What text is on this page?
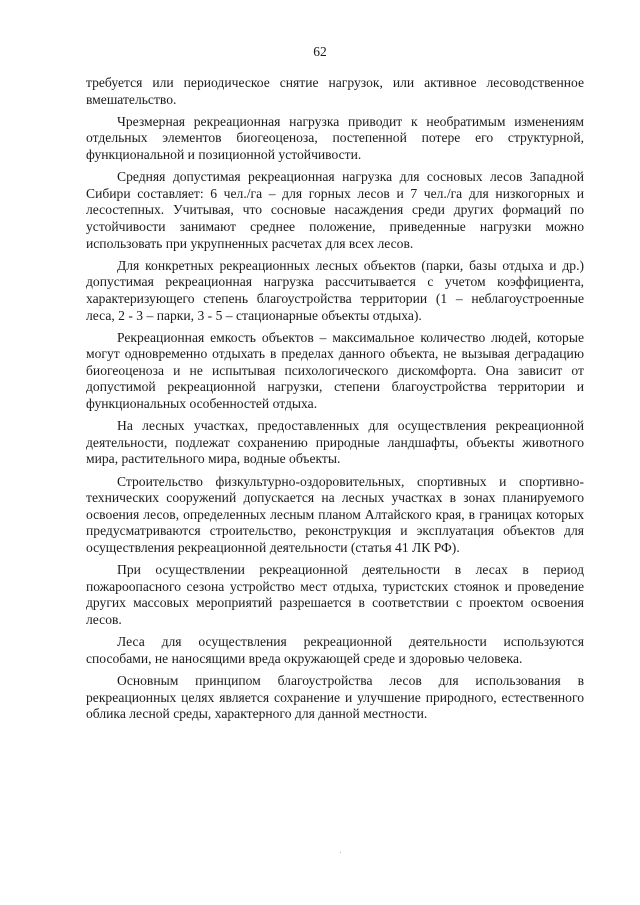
62

требуется или периодическое снятие нагрузок, или активное лесоводственное вмешательство.

Чрезмерная рекреационная нагрузка приводит к необратимым изменениям отдельных элементов биогеоценоза, постепенной потере его структурной, функциональной и позиционной устойчивости.

Средняя допустимая рекреационная нагрузка для сосновых лесов Западной Сибири составляет: 6 чел./га – для горных лесов и 7 чел./га для низкогорных и лесостепных. Учитывая, что сосновые насаждения среди других формаций по устойчивости занимают среднее положение, приведенные нагрузки можно использовать при укрупненных расчетах для всех лесов.

Для конкретных рекреационных лесных объектов (парки, базы отдыха и др.) допустимая рекреационная нагрузка рассчитывается с учетом коэффициента, характеризующего степень благоустройства территории (1 – неблагоустроенные леса, 2 - 3 – парки, 3 - 5 – стационарные объекты отдыха).

Рекреационная емкость объектов – максимальное количество людей, которые могут одновременно отдыхать в пределах данного объекта, не вызывая деградацию биогеоценоза и не испытывая психологического дискомфорта. Она зависит от допустимой рекреационной нагрузки, степени благоустройства территории и функциональных особенностей отдыха.

На лесных участках, предоставленных для осуществления рекреационной деятельности, подлежат сохранению природные ландшафты, объекты животного мира, растительного мира, водные объекты.

Строительство физкультурно-оздоровительных, спортивных и спортивно-технических сооружений допускается на лесных участках в зонах планируемого освоения лесов, определенных лесным планом Алтайского края, в границах которых предусматриваются строительство, реконструкция и эксплуатация объектов для осуществления рекреационной деятельности (статья 41 ЛК РФ).

При осуществлении рекреационной деятельности в лесах в период пожароопасного сезона устройство мест отдыха, туристских стоянок и проведение других массовых мероприятий разрешается в соответствии с проектом освоения лесов.

Леса для осуществления рекреационной деятельности используются способами, не наносящими вреда окружающей среде и здоровью человека.

Основным принципом благоустройства лесов для использования в рекреационных целях является сохранение и улучшение природного, естественного облика лесной среды, характерного для данной местности.
